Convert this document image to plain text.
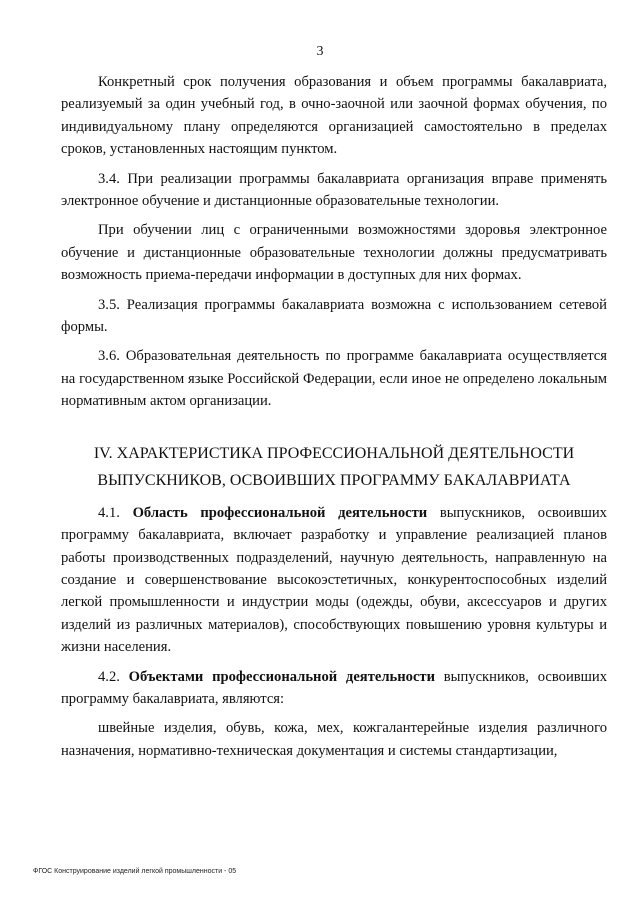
3

Конкретный срок получения образования и объем программы бакалавриата, реализуемый за один учебный год, в очно-заочной или заочной формах обучения, по индивидуальному плану определяются организацией самостоятельно в пределах сроков, установленных настоящим пунктом.

3.4. При реализации программы бакалавриата организация вправе применять электронное обучение и дистанционные образовательные технологии.

При обучении лиц с ограниченными возможностями здоровья электронное обучение и дистанционные образовательные технологии должны предусматривать возможность приема-передачи информации в доступных для них формах.

3.5. Реализация программы бакалавриата возможна с использованием сетевой формы.

3.6. Образовательная деятельность по программе бакалавриата осуществляется на государственном языке Российской Федерации, если иное не определено локальным нормативным актом организации.

IV. ХАРАКТЕРИСТИКА ПРОФЕССИОНАЛЬНОЙ ДЕЯТЕЛЬНОСТИ
ВЫПУСКНИКОВ, ОСВОИВШИХ ПРОГРАММУ БАКАЛАВРИАТА

4.1. Область профессиональной деятельности выпускников, освоивших программу бакалавриата, включает разработку и управление реализацией планов работы производственных подразделений, научную деятельность, направленную на создание и совершенствование высокоэстетичных, конкурентоспособных изделий легкой промышленности и индустрии моды (одежды, обуви, аксессуаров и других изделий из различных материалов), способствующих повышению уровня культуры и жизни населения.

4.2. Объектами профессиональной деятельности выпускников, освоивших программу бакалавриата, являются:

швейные изделия, обувь, кожа, мех, кожгалантерейные изделия различного назначения, нормативно-техническая документация и системы стандартизации,

ФГОС Конструирование изделий легкой промышленности - 05
